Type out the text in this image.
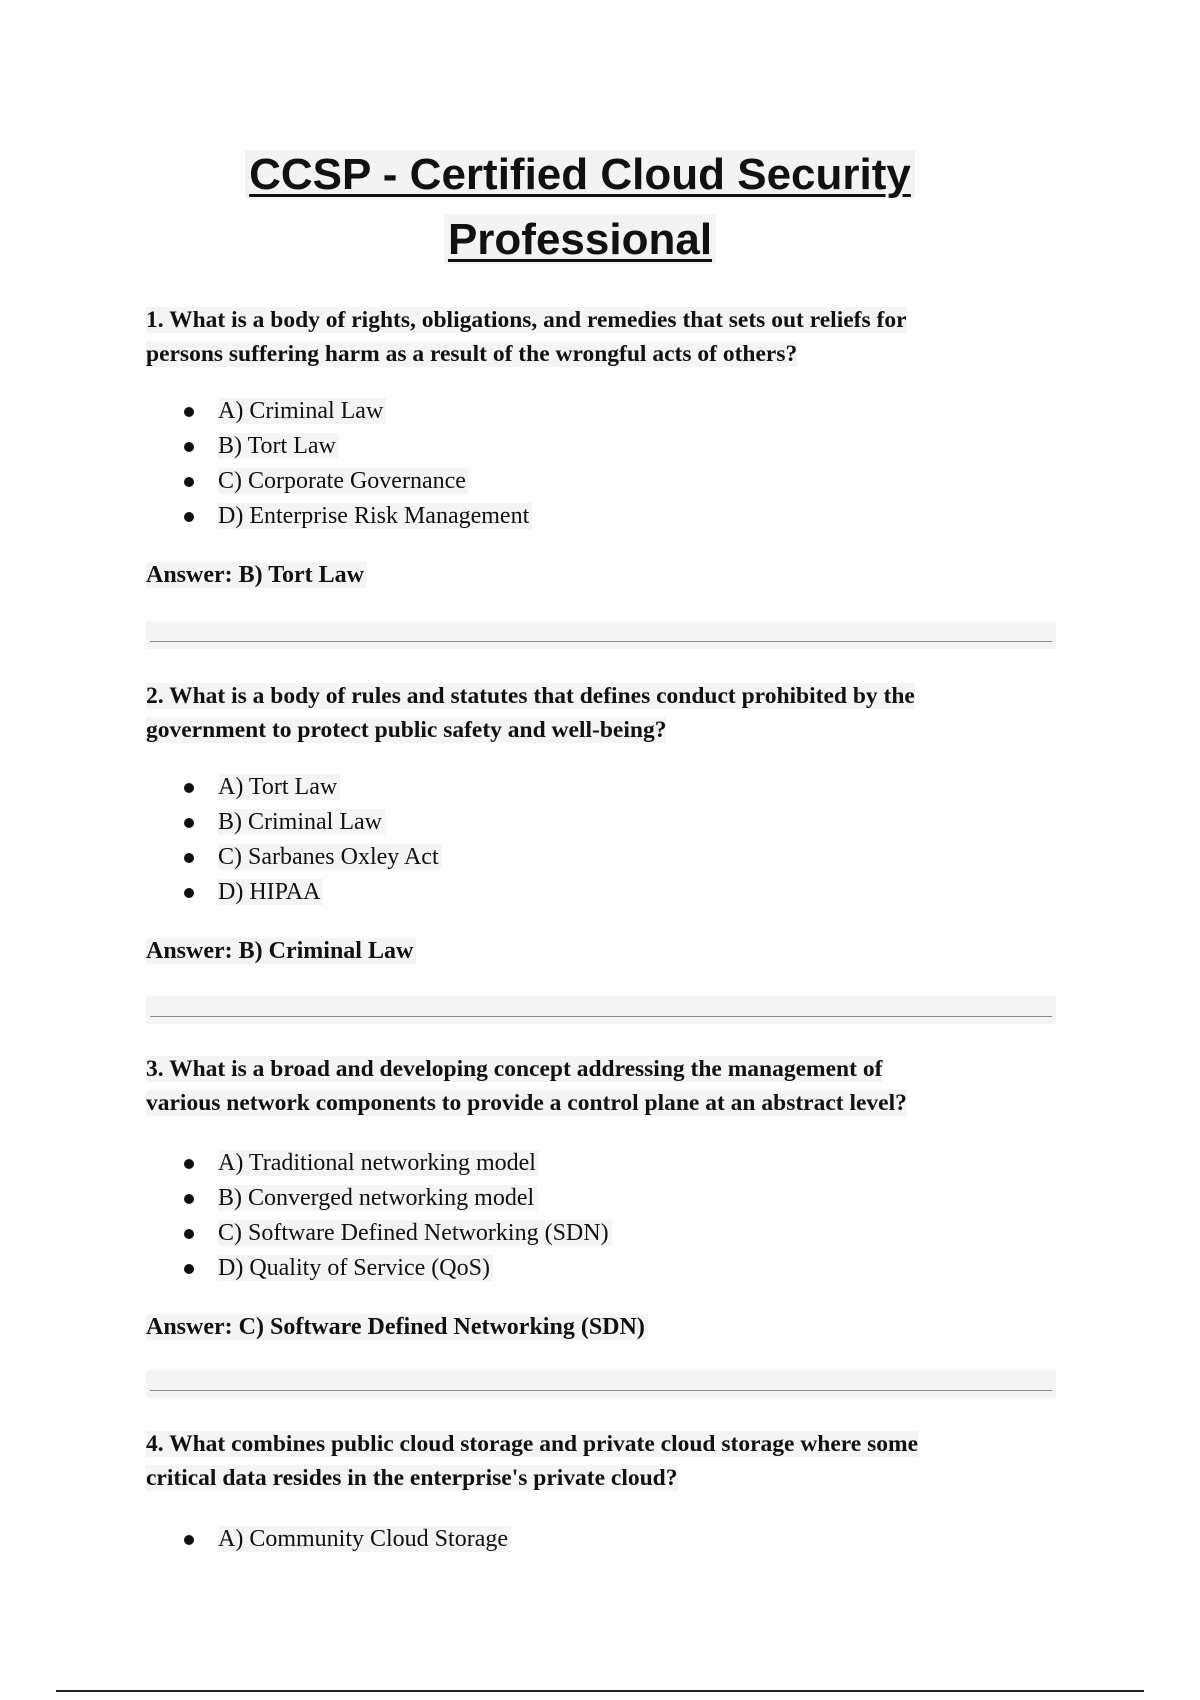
CCSP - Certified Cloud Security
Professional

1. What is a body of rights, obligations, and remedies that sets out reliefs for
persons suffering harm as a result of the wrongful acts of others?

A) Criminal Law
B) Tort Law
C) Corporate Governance
D) Enterprise Risk Management

Answer: B) Tort Law

2. What is a body of rules and statutes that defines conduct prohibited by the
government to protect public safety and well-being?

A) Tort Law
B) Criminal Law
C) Sarbanes Oxley Act
D) HIPAA

Answer: B) Criminal Law

3. What is a broad and developing concept addressing the management of
various network components to provide a control plane at an abstract level?

A) Traditional networking model
B) Converged networking model
C) Software Defined Networking (SDN)
D) Quality of Service (QoS)

Answer: C) Software Defined Networking (SDN)

4. What combines public cloud storage and private cloud storage where some
critical data resides in the enterprise's private cloud?

A) Community Cloud Storage
